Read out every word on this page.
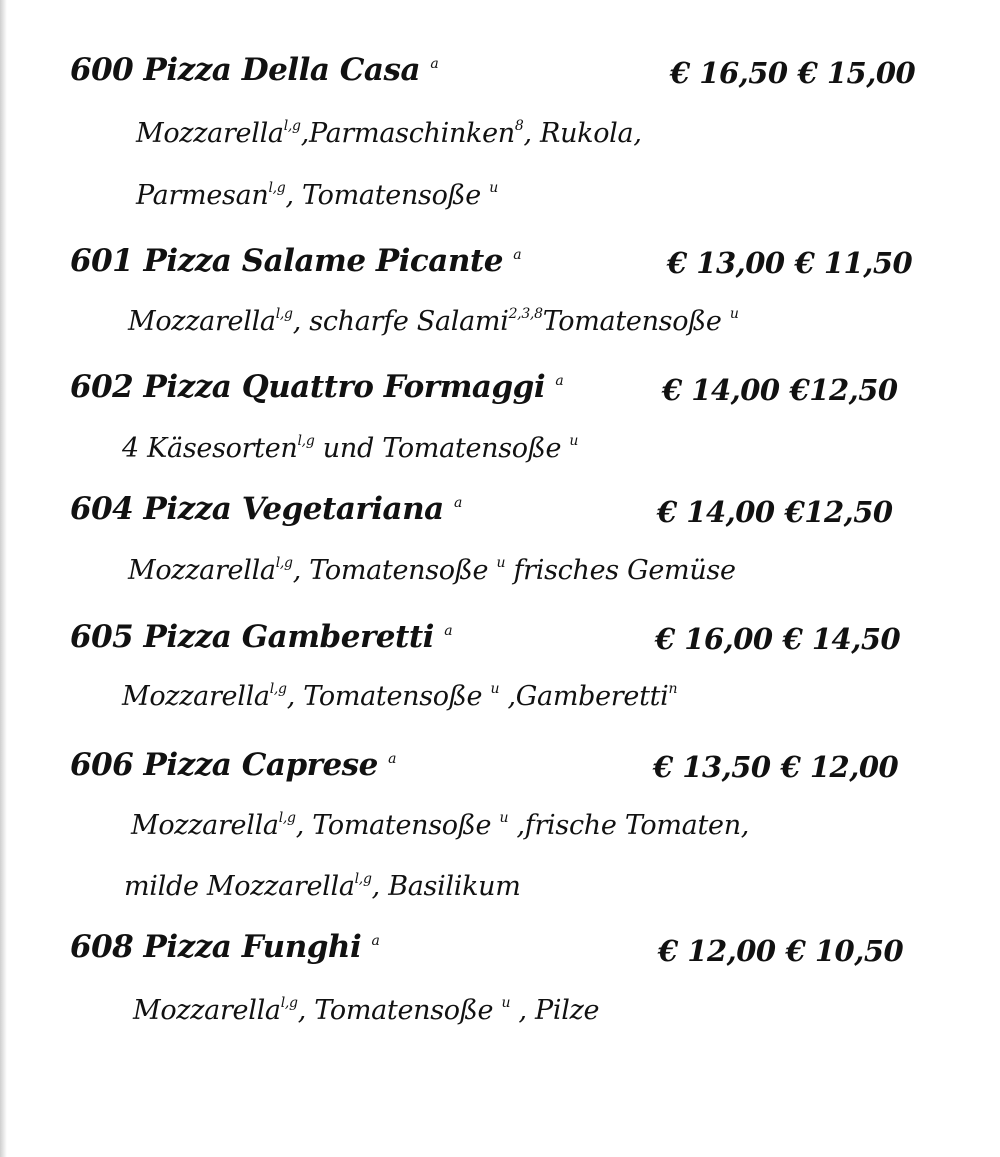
600 Pizza Della Casa $^a$	€ 16,50 € 15,00
Mozzarella$^{l,g}$,Parmaschinken$^8$, Rukola,
Parmesan$^{l,g}$, Tomatensoße $^u$
601 Pizza Salame Picante $^a$	€ 13,00 € 11,50
Mozzarella$^{l,g}$, scharfe Salami$^{2,3,8}$Tomatensoße $^u$
602 Pizza Quattro Formaggi $^a$	€ 14,00 €12,50
4 Käsesorten$^{l,g}$ und Tomatensoße $^u$
604 Pizza Vegetariana $^a$	€ 14,00 €12,50
Mozzarella$^{l,g}$, Tomatensoße $^u$ frisches Gemüse
605 Pizza Gamberetti $^a$	€ 16,00 € 14,50
Mozzarella$^{l,g}$, Tomatensoße $^u$ ,Gamberetti$^n$
606 Pizza Caprese $^a$	€ 13,50 € 12,00
Mozzarella$^{l,g}$, Tomatensoße $^u$ ,frische Tomaten,
milde Mozzarella$^{l,g}$, Basilikum
608 Pizza Funghi $^a$	€ 12,00 € 10,50
Mozzarella$^{l,g}$, Tomatensoße $^u$ , Pilze
